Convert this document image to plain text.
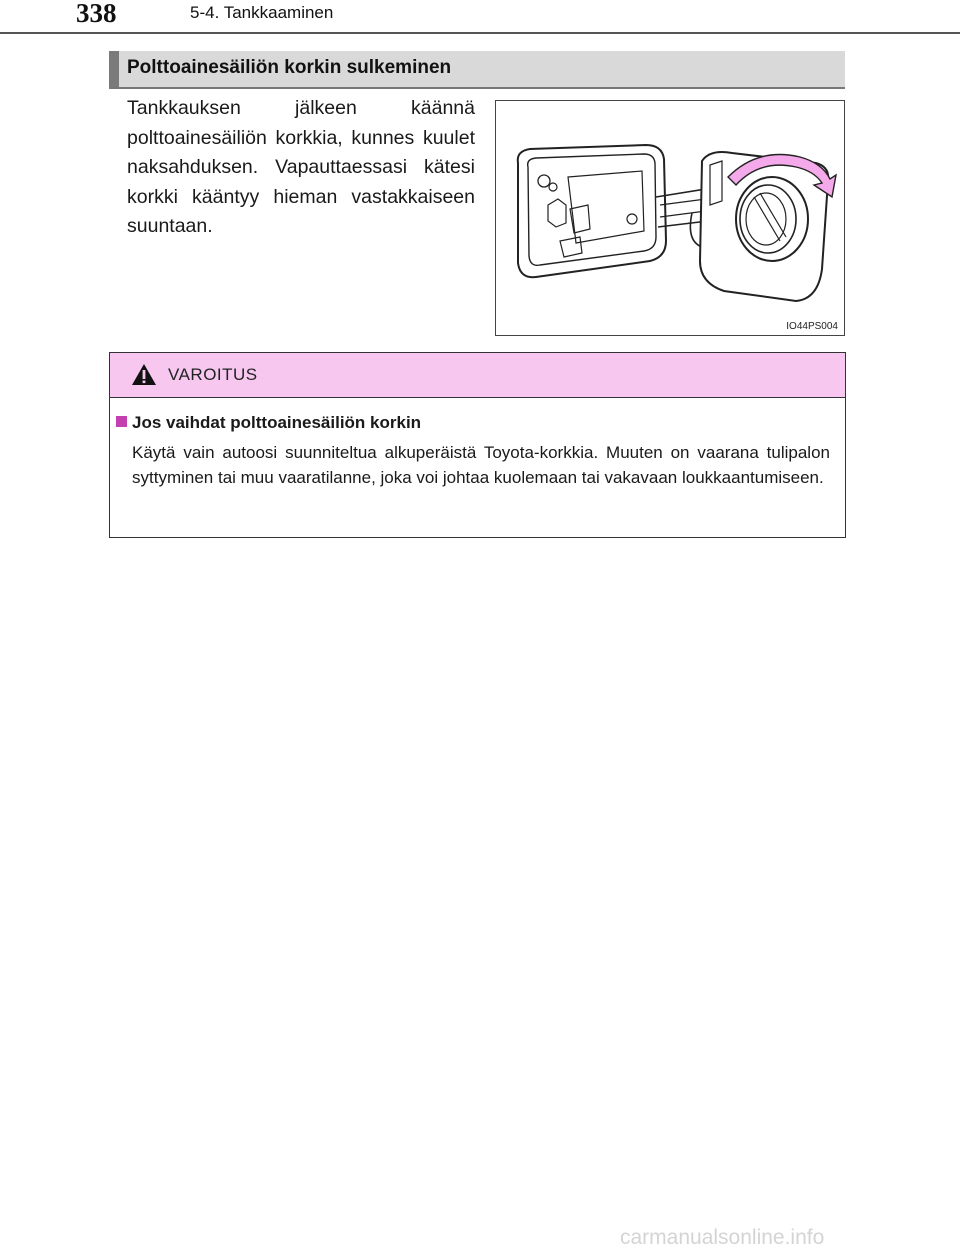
338	5-4. Tankkaaminen
Polttoainesäiliön korkin sulkeminen
Tankkauksen jälkeen käännä polttoainesäiliön korkkia, kunnes kuulet naksahduksen. Vapauttaessasi kätesi korkki kääntyy hieman vastakkaiseen suuntaan.
IO44PS004
VAROITUS
Jos vaihdat polttoainesäiliön korkin
Käytä vain autoosi suunniteltua alkuperäistä Toyota-korkkia. Muuten on vaarana tulipalon syttyminen tai muu vaaratilanne, joka voi johtaa kuolemaan tai vakavaan loukkaantumiseen.
carmanualsonline.info
